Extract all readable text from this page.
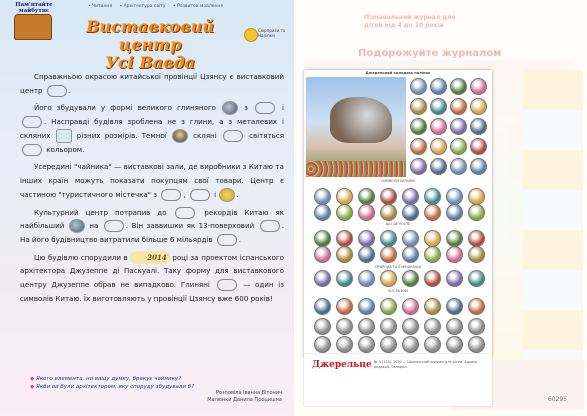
Пам'ятайте майбутнє
• Читання • Архітектура світу • Розвиток мовлення
Виставковий центр
Усі Вавда
Сюрпризи та Наліпки

Справжньою окрасою китайської провінції Цзянсу є виставковий центр	.

Його збудували у формі великого глиняного	з	і . Насправді будівля зроблена не з глини, а з металевих і скляних	різних розмірів. Темної	скляні	світяться  кольором.

Усередині "чайника" — виставкові зали, де виробники з Китаю та інших країн можуть показати покупцям свої товари. Центр є частиною "туристичного містечка" з	,	і	.

Культурний центр потрапив до	рекордів Китаю як найбільший	на	. Він заввишки як 13-поверховий	. На його будівництво витратили більше 6 мільярдів	.

Цю будівлю спорудили в 2014 році за проектом іспанського архітектора Джузеппе ді Паскуалі. Таку форму для виставкового центру Джузеппе обрав не випадково. Глиняні	— один із символів Китаю. Їх виготовляють у провінції Цзянсу вже 600 років!

◆ Якого елемента, на вашу думку, бракує чайнику?
◆ Якби ви були архітектором, яку споруду збудували б?
Розповіла Іванна Вітонич
Малюнки Данила Процишна
Пізнавальний журнал для дітей від 4 до 10 років
Подорожуйте журналом
Джерельний колодязь наліпок
СИМВОЛИ УКРАЇНИ
ЩО ДЕ РОСТЕ
ПРИРОДА ТА ЇЇ МЕШКАНЦІ
УСЕ РАЗОМ
Джерельце № 4 (123), 2020 — Щомісячний журнал для дітей. Адреса редакції. Телефон.
60295
